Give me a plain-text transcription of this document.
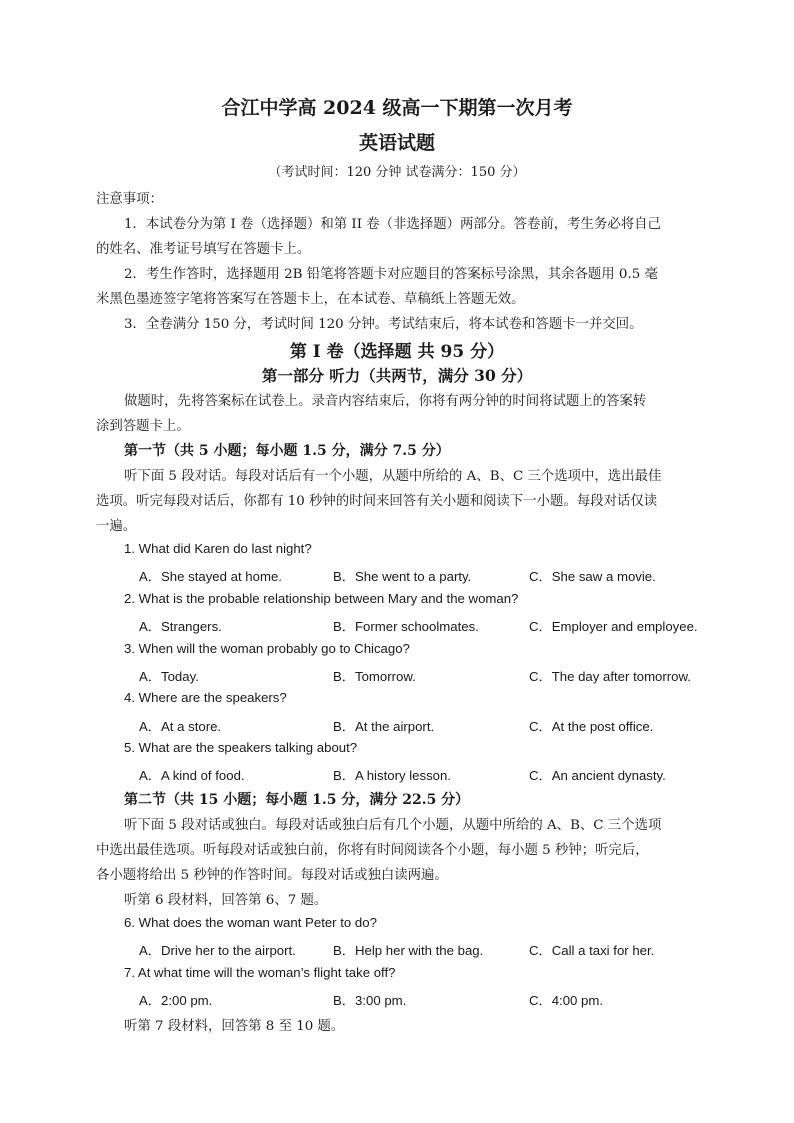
合江中学高 2024 级高一下期第一次月考
英语试题
（考试时间：120 分钟 试卷满分：150 分）
注意事项：
1．本试卷分为第 I 卷（选择题）和第 II 卷（非选择题）两部分。答卷前，考生务必将自己
的姓名、准考证号填写在答题卡上。
2．考生作答时，选择题用 2B 铅笔将答题卡对应题目的答案标号涂黑，其余各题用 0.5 毫
米黑色墨迹签字笔将答案写在答题卡上，在本试卷、草稿纸上答题无效。
3．全卷满分 150 分，考试时间 120 分钟。考试结束后，将本试卷和答题卡一并交回。
第 I 卷（选择题 共 95 分）
第一部分 听力（共两节，满分 30 分）
做题时，先将答案标在试卷上。录音内容结束后，你将有两分钟的时间将试题上的答案转
涂到答题卡上。
第一节（共 5 小题；每小题 1.5 分，满分 7.5 分）
听下面 5 段对话。每段对话后有一个小题，从题中所给的 A、B、C 三个选项中，选出最佳
选项。听完每段对话后，你都有 10 秒钟的时间来回答有关小题和阅读下一小题。每段对话仅读
一遍。
1. What did Karen do last night?
A．She stayed at home.	B．She went to a party.	C．She saw a movie.
2. What is the probable relationship between Mary and the woman?
A．Strangers.	B．Former schoolmates.	C．Employer and employee.
3. When will the woman probably go to Chicago?
A．Today.	B．Tomorrow.	C．The day after tomorrow.
4. Where are the speakers?
A．At a store.	B．At the airport.	C．At the post office.
5. What are the speakers talking about?
A．A kind of food.	B．A history lesson.	C．An ancient dynasty.
第二节（共 15 小题；每小题 1.5 分，满分 22.5 分）
听下面 5 段对话或独白。每段对话或独白后有几个小题，从题中所给的 A、B、C 三个选项
中选出最佳选项。听每段对话或独白前，你将有时间阅读各个小题，每小题 5 秒钟；听完后，
各小题将给出 5 秒钟的作答时间。每段对话或独白读两遍。
听第 6 段材料，回答第 6、7 题。
6. What does the woman want Peter to do?
A．Drive her to the airport.	B．Help her with the bag.	C．Call a taxi for her.
7. At what time will the woman’s flight take off?
A．2:00 pm.	B．3:00 pm.	C．4:00 pm.
听第 7 段材料，回答第 8 至 10 题。
